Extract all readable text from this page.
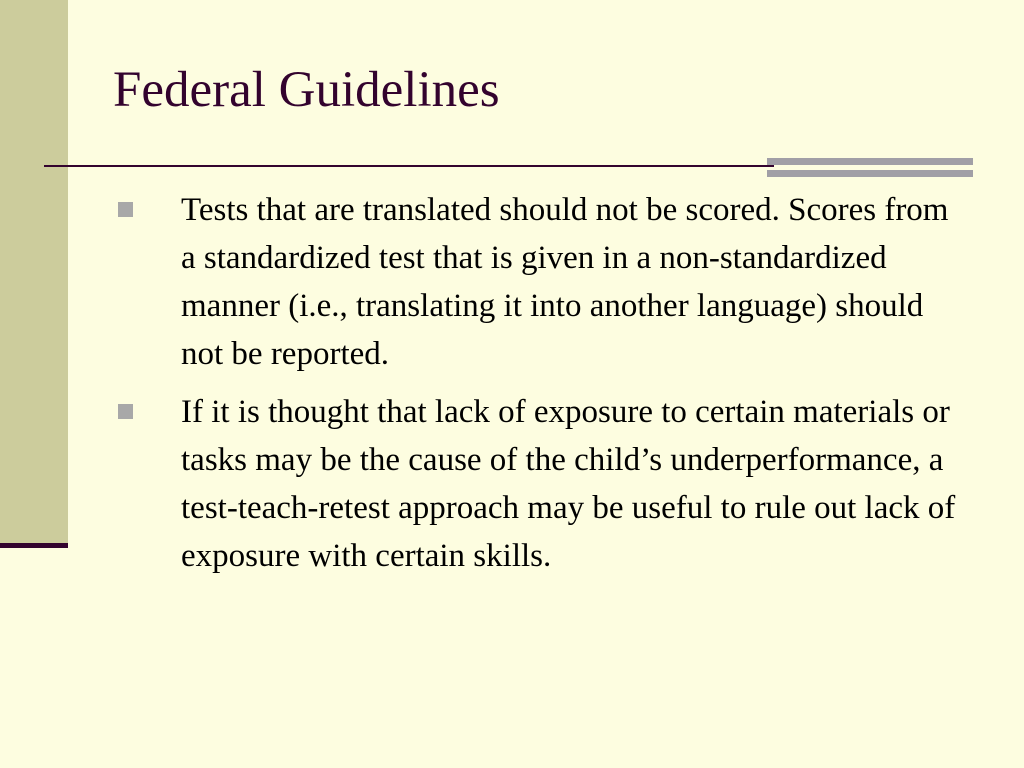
Federal Guidelines
Tests that are translated should not be scored. Scores from a standardized test that is given in a non-standardized manner (i.e., translating it into another language) should not be reported.
If it is thought that lack of exposure to certain materials or tasks may be the cause of the child’s underperformance, a test-teach-retest approach may be useful to rule out lack of exposure with certain skills.
